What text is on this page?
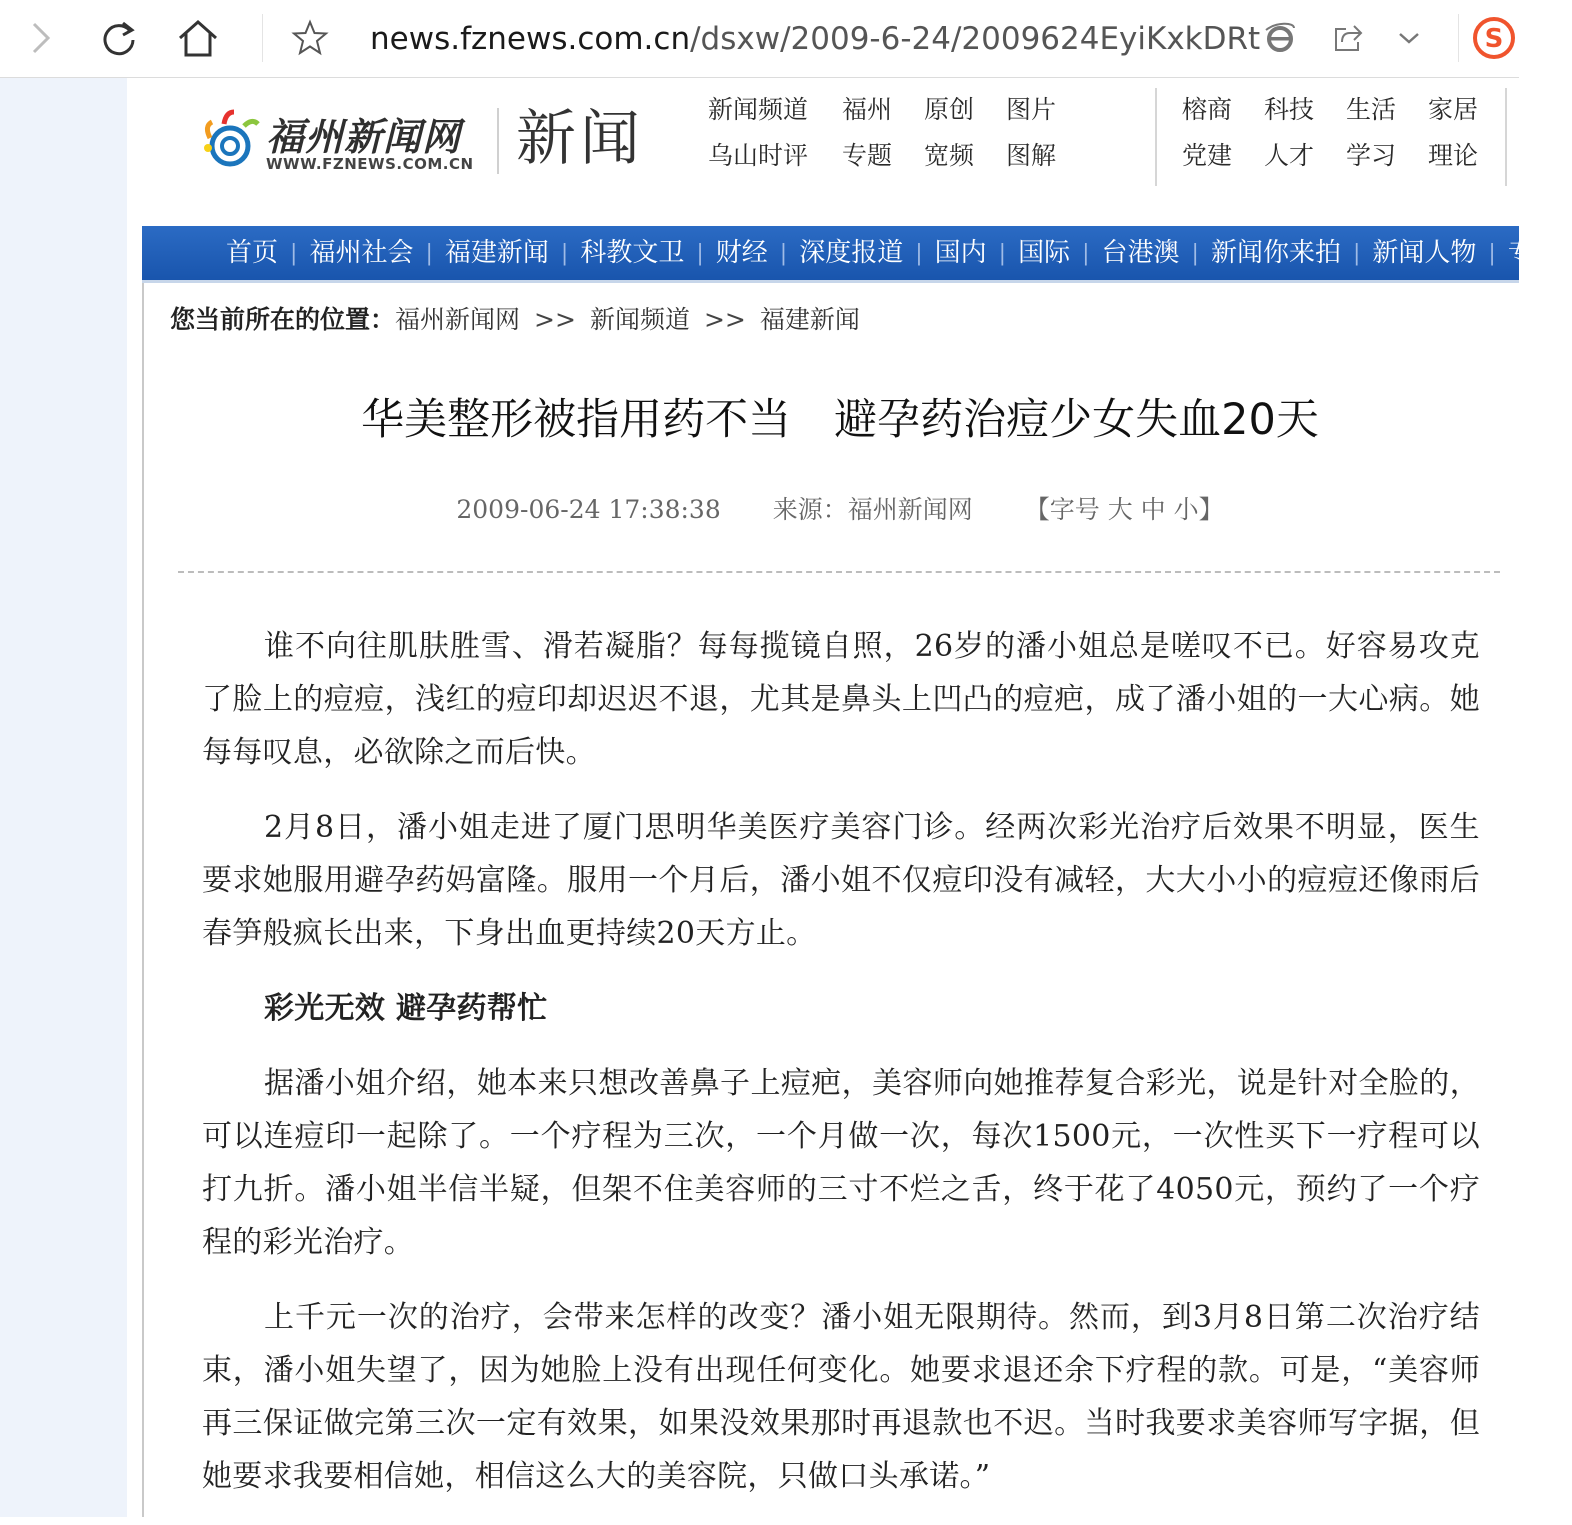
news.fznews.com.cn/dsxw/2009-6-24/2009624EyiKxkDRt	S
福州新闻网
WWW.FZNEWS.COM.CN 新闻	新闻频道	福州	原创	图片
乌山时评	专题	宽频	图解
榕商	科技	生活	家居
党建	人才	学习	理论
首页 | 福州社会 | 福建新闻 | 科教文卫 | 财经 | 深度报道 | 国内 | 国际 | 台港澳 | 新闻你来拍 | 新闻人物 | 专题
您当前所在的位置：福州新闻网 >> 新闻频道 >> 福建新闻
华美整形被指用药不当　避孕药治痘少女失血20天
2009-06-24 17:38:38 来源：福州新闻网 【字号 大 中 小】

谁不向往肌肤胜雪、滑若凝脂？每每揽镜自照，26岁的潘小姐总是嗟叹不已。好容易攻克了脸上的痘痘，浅红的痘印却迟迟不退，尤其是鼻头上凹凸的痘疤，成了潘小姐的一大心病。她每每叹息，必欲除之而后快。

2月8日，潘小姐走进了厦门思明华美医疗美容门诊。经两次彩光治疗后效果不明显，医生要求她服用避孕药妈富隆。服用一个月后，潘小姐不仅痘印没有减轻，大大小小的痘痘还像雨后春笋般疯长出来，下身出血更持续20天方止。

彩光无效 避孕药帮忙

据潘小姐介绍，她本来只想改善鼻子上痘疤，美容师向她推荐复合彩光，说是针对全脸的，可以连痘印一起除了。一个疗程为三次，一个月做一次，每次1500元，一次性买下一疗程可以打九折。潘小姐半信半疑，但架不住美容师的三寸不烂之舌，终于花了4050元，预约了一个疗程的彩光治疗。

上千元一次的治疗，会带来怎样的改变？潘小姐无限期待。然而，到3月8日第二次治疗结束，潘小姐失望了，因为她脸上没有出现任何变化。她要求退还余下疗程的款。可是，“美容师再三保证做完第三次一定有效果，如果没效果那时再退款也不迟。当时我要求美容师写字据，但她要求我要相信她，相信这么大的美容院，只做口头承诺。”
